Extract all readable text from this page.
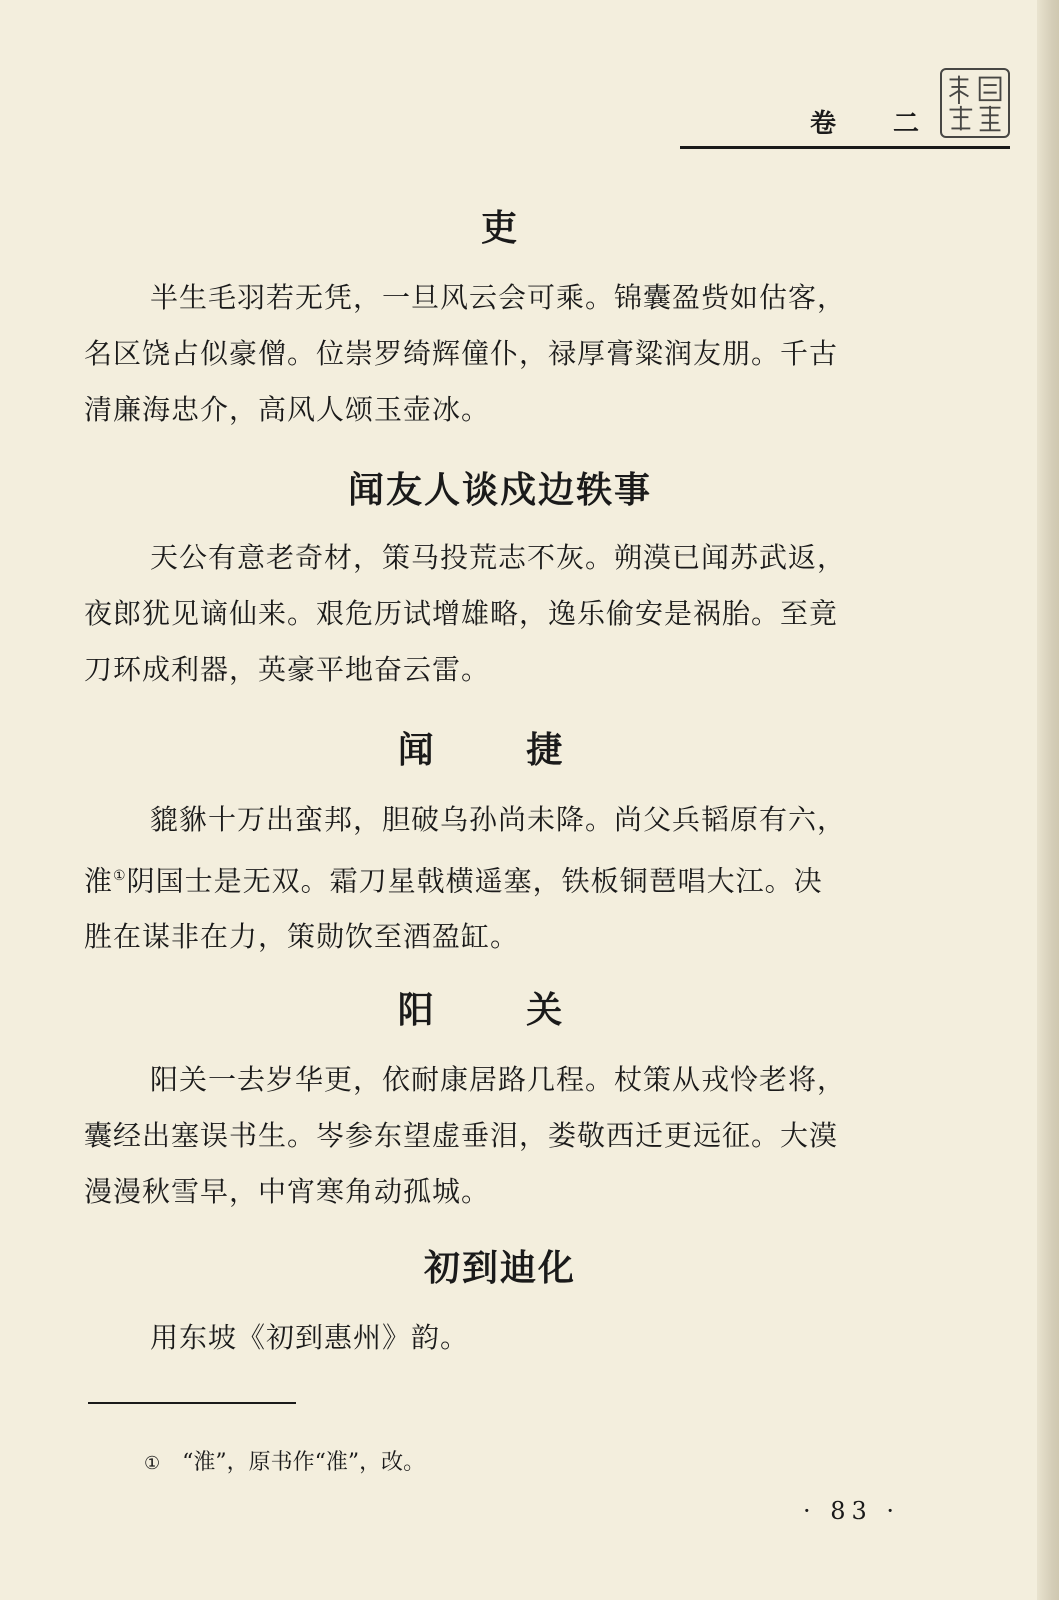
卷 二
吏
半生毛羽若无凭，一旦风云会可乘。锦囊盈赀如估客，
名区饶占似豪僧。位崇罗绮辉僮仆，禄厚膏粱润友朋。千古
清廉海忠介，高风人颂玉壶冰。
闻友人谈戍边轶事
天公有意老奇材，策马投荒志不灰。朔漠已闻苏武返，
夜郎犹见谪仙来。艰危历试增雄略，逸乐偷安是祸胎。至竟
刀环成利器，英豪平地奋云雷。
闻 捷
貔貅十万出蛮邦，胆破乌孙尚未降。尚父兵韬原有六，
淮①阴国士是无双。霜刀星戟横遥塞，铁板铜琶唱大江。决
胜在谋非在力，策勋饮至酒盈缸。
阳 关
阳关一去岁华更，依耐康居路几程。杖策从戎怜老将，
囊经出塞误书生。岑参东望虚垂泪，娄敬西迁更远征。大漠
漫漫秋雪早，中宵寒角动孤城。
初到迪化
用东坡《初到惠州》韵。
① “淮”，原书作“准”，改。
· 83 ·
